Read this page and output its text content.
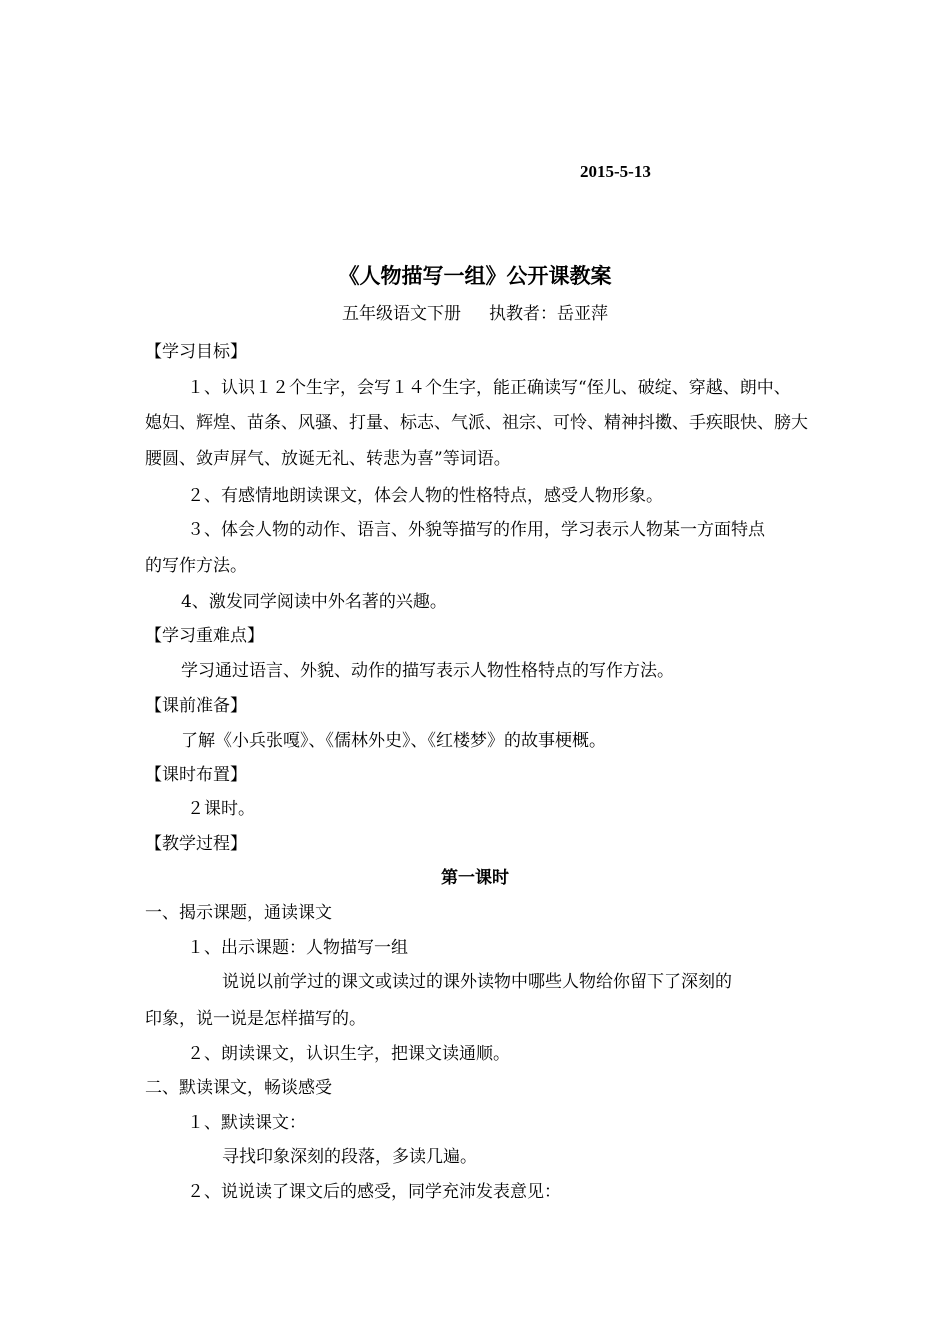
2015-5-13
《人物描写一组》公开课教案
五年级语文下册 执教者：岳亚萍
【学习目标】
１、认识１２个生字，会写１４个生字，能正确读写“侄儿、破绽、穿越、朗中、
媳妇、辉煌、苗条、风骚、打量、标志、气派、祖宗、可怜、精神抖擞、手疾眼快、膀大
腰圆、敛声屏气、放诞无礼、转悲为喜”等词语。
２、有感情地朗读课文，体会人物的性格特点，感受人物形象。
３、体会人物的动作、语言、外貌等描写的作用，学习表示人物某一方面特点
的写作方法。
4、激发同学阅读中外名著的兴趣。
【学习重难点】
学习通过语言、外貌、动作的描写表示人物性格特点的写作方法。
【课前准备】
了解《小兵张嘎》、《儒林外史》、《红楼梦》的故事梗概。
【课时布置】
２课时。
【教学过程】
第一课时
一、揭示课题，通读课文
１、出示课题：人物描写一组
说说以前学过的课文或读过的课外读物中哪些人物给你留下了深刻的
印象，说一说是怎样描写的。
２、朗读课文，认识生字，把课文读通顺。
二、默读课文，畅谈感受
１、默读课文：
寻找印象深刻的段落，多读几遍。
２、说说读了课文后的感受，同学充沛发表意见：
